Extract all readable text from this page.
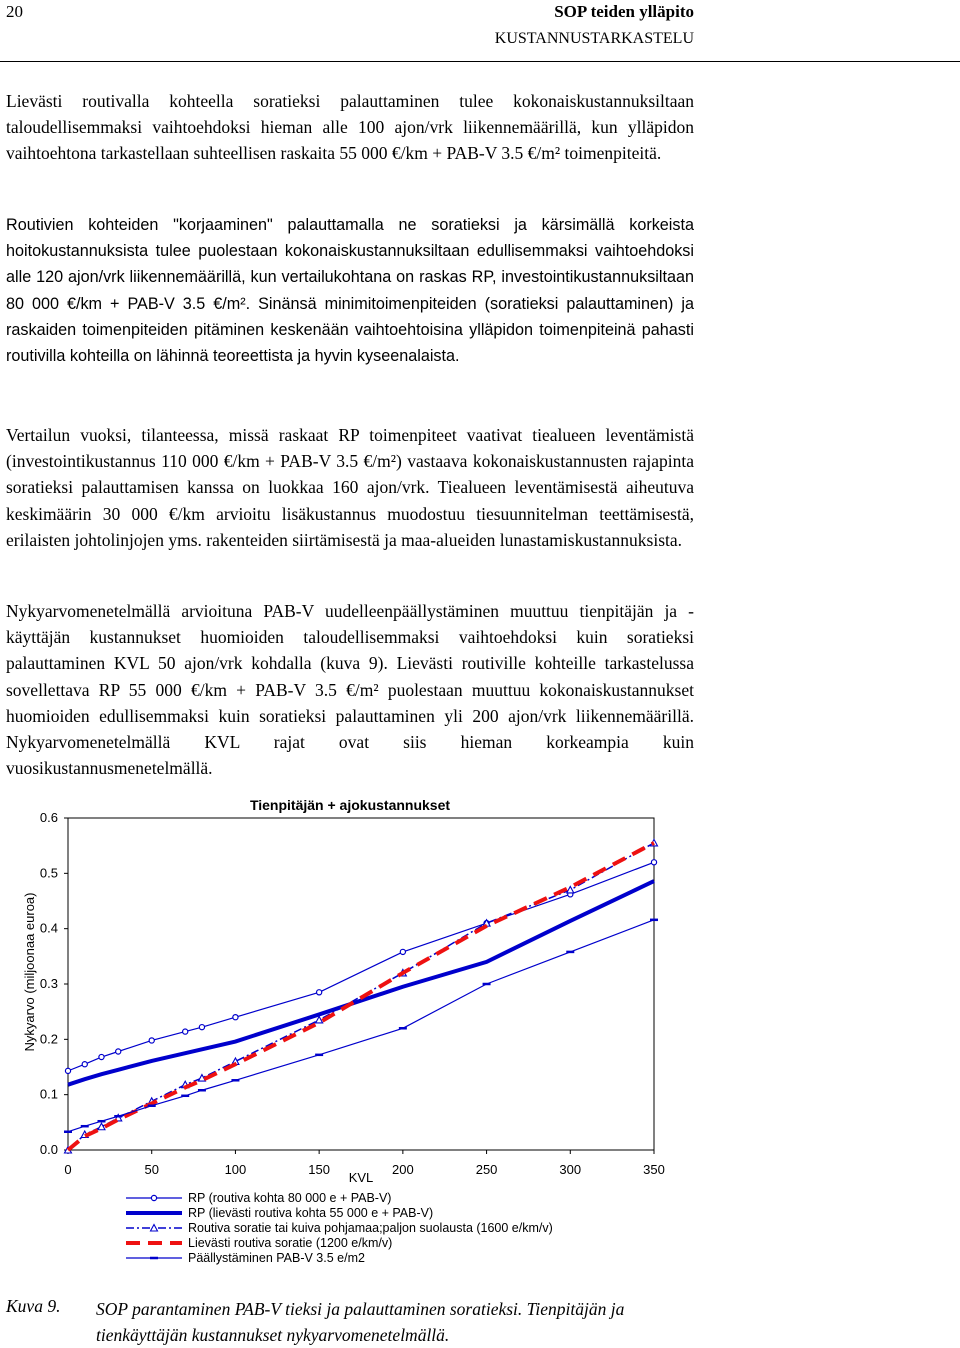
20	SOP teiden ylläpito
KUSTANNUSTARKASTELU
Lievästi routivalla kohteella soratieksi palauttaminen tulee kokonaiskustannuksiltaan taloudellisemmaksi vaihtoehdoksi hieman alle 100 ajon/vrk liikennemäärillä, kun ylläpidon vaihtoehtona tarkastellaan suhteellisen raskaita 55 000 €/km + PAB-V 3.5 €/m² toimenpiteitä.
Routivien kohteiden "korjaaminen" palauttamalla ne soratieksi ja kärsimällä korkeista hoitokustannuksista tulee puolestaan kokonaiskustannuksiltaan edullisemmaksi vaihtoehdoksi alle 120 ajon/vrk liikennemäärillä, kun vertailukohtana on raskas RP, investointikustannuksiltaan 80 000 €/km + PAB-V 3.5 €/m². Sinänsä minimitoimenpiteiden (soratieksi palauttaminen) ja raskaiden toimenpiteiden pitäminen keskenään vaihtoehtoisina ylläpidon toimenpiteinä pahasti routivilla kohteilla on lähinnä teoreettista ja hyvin kyseenalaista.
Vertailun vuoksi, tilanteessa, missä raskaat RP toimenpiteet vaativat tiealueen leventämistä (investointikustannus 110 000 €/km + PAB-V 3.5 €/m²) vastaava kokonaiskustannusten rajapinta soratieksi palauttamisen kanssa on luokkaa 160 ajon/vrk. Tiealueen leventämisestä aiheutuva keskimäärin 30 000 €/km arvioitu lisäkustannus muodostuu tiesuunnitelman teettämisestä, erilaisten johtolinjojen yms. rakenteiden siirtämisestä ja maa-alueiden lunastamiskustannuksista.
Nykyarvomenetelmällä arvioituna PAB-V uudelleenpäällystäminen muuttuu tienpitäjän ja -käyttäjän kustannukset huomioiden taloudellisemmaksi vaihtoehdoksi kuin soratieksi palauttaminen KVL 50 ajon/vrk kohdalla (kuva 9). Lievästi routiville kohteille tarkastelussa sovellettava RP 55 000 €/km + PAB-V 3.5 €/m² puolestaan muuttuu kokonaiskustannukset huomioiden edullisemmaksi kuin soratieksi palauttaminen yli 200 ajon/vrk liikennemäärillä. Nykyarvomenetelmällä KVL rajat ovat siis hieman korkeampia kuin vuosikustannusmenetelmällä.
Tienpitäjän + ajokustannukset
Nykyarvo (miljoonaa euroa)
KVL
0.0
0.1
0.2
0.3
0.4
0.5
0.6
0	50	100	150	200	250	300	350
RP (routiva kohta 80 000 e + PAB-V)
RP (lievästi routiva kohta 55 000 e + PAB-V)
Routiva soratie tai kuiva pohjamaa;paljon suolausta (1600 e/km/v)
Lievästi routiva soratie (1200 e/km/v)
Päällystäminen PAB-V 3.5 e/m2
Kuva 9. SOP parantaminen PAB-V tieksi ja palauttaminen soratieksi. Tienpitäjän ja tienkäyttäjän kustannukset nykyarvomenetelmällä.
